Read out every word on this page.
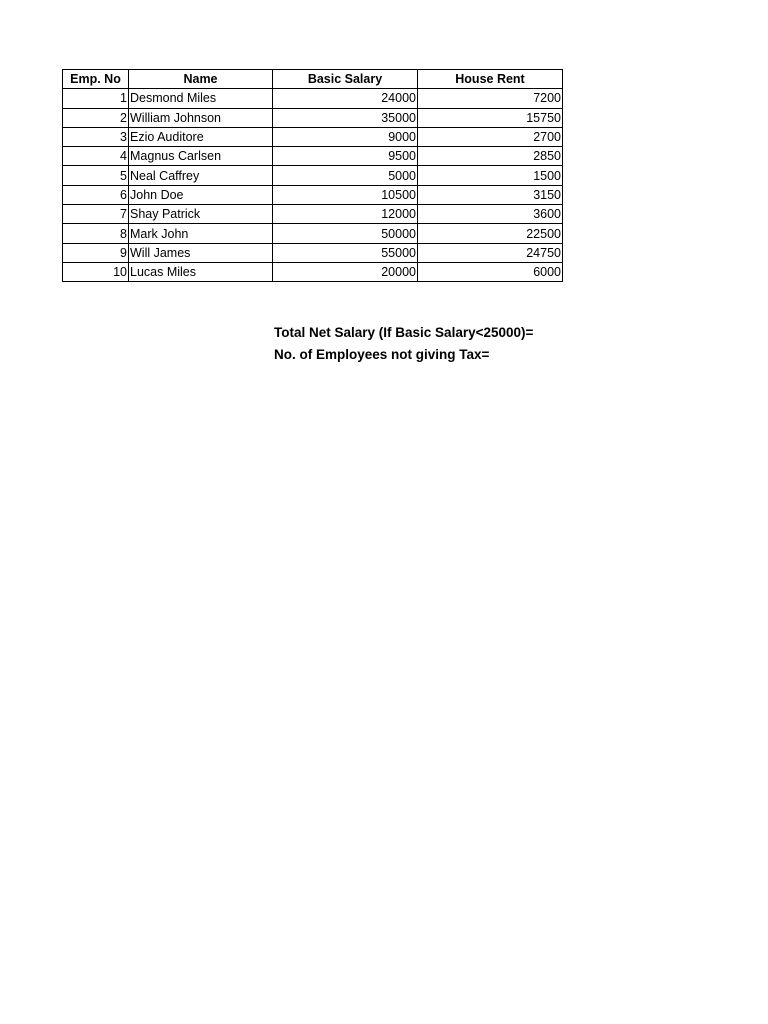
Emp. No	Name	Basic Salary	House Rent
1	Desmond Miles	24000	7200
2	William Johnson	35000	15750
3	Ezio Auditore	9000	2700
4	Magnus Carlsen	9500	2850
5	Neal Caffrey	5000	1500
6	John Doe	10500	3150
7	Shay Patrick	12000	3600
8	Mark John	50000	22500
9	Will James	55000	24750
10	Lucas Miles	20000	6000
Total Net Salary (If Basic Salary<25000)=
No. of Employees not giving Tax=
